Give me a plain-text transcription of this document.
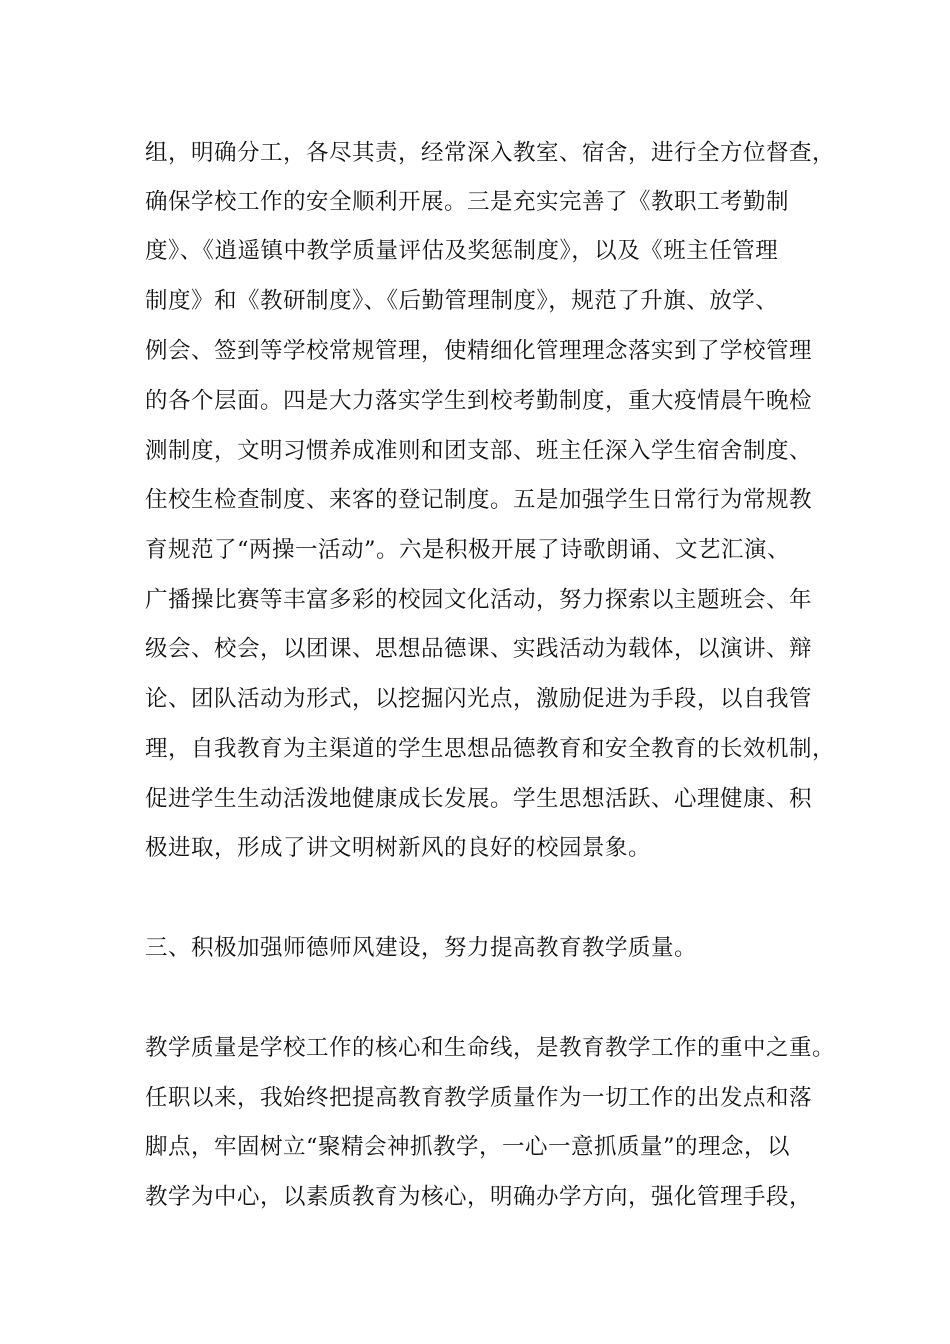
组，明确分工，各尽其责，经常深入教室、宿舍，进行全方位督查，
确保学校工作的安全顺利开展。三是充实完善了《教职工考勤制
度》、《逍遥镇中教学质量评估及奖惩制度》，以及《班主任管理
制度》和《教研制度》、《后勤管理制度》，规范了升旗、放学、
例会、签到等学校常规管理，使精细化管理理念落实到了学校管理
的各个层面。四是大力落实学生到校考勤制度，重大疫情晨午晚检
测制度，文明习惯养成准则和团支部、班主任深入学生宿舍制度、
住校生检查制度、来客的登记制度。五是加强学生日常行为常规教
育规范了“两操一活动”。六是积极开展了诗歌朗诵、文艺汇演、
广播操比赛等丰富多彩的校园文化活动，努力探索以主题班会、年
级会、校会，以团课、思想品德课、实践活动为载体，以演讲、辩
论、团队活动为形式，以挖掘闪光点，激励促进为手段，以自我管
理，自我教育为主渠道的学生思想品德教育和安全教育的长效机制，
促进学生生动活泼地健康成长发展。学生思想活跃、心理健康、积
极进取，形成了讲文明树新风的良好的校园景象。
三、积极加强师德师风建设，努力提高教育教学质量。
教学质量是学校工作的核心和生命线，是教育教学工作的重中之重。
任职以来，我始终把提高教育教学质量作为一切工作的出发点和落
脚点，牢固树立“聚精会神抓教学，一心一意抓质量”的理念，以
教学为中心，以素质教育为核心，明确办学方向，强化管理手段，
